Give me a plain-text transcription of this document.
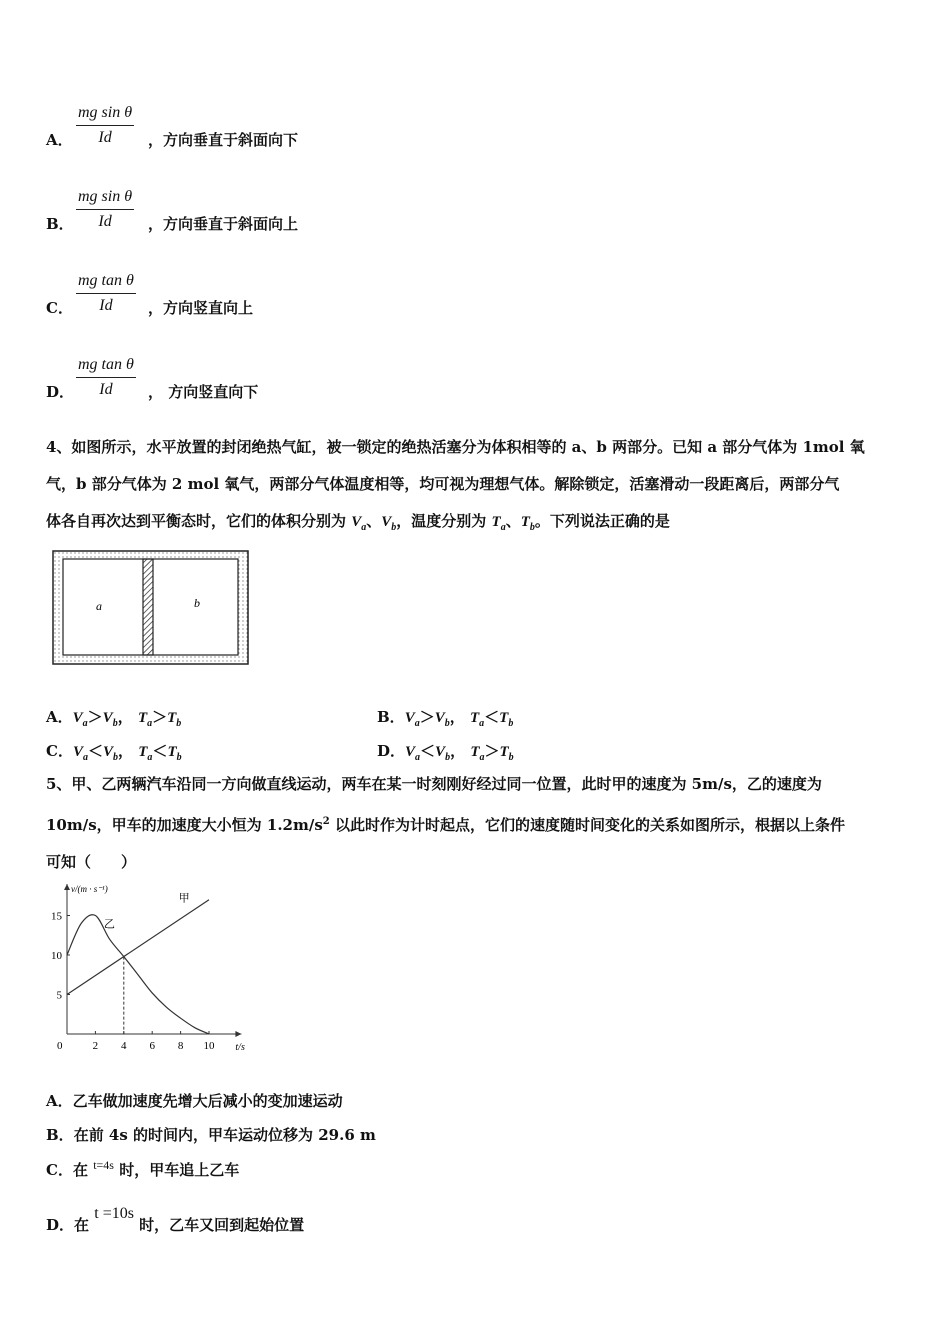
A． $\frac{\text{mg sin θ}}{Id}$ ，方向垂直于斜面向下
B． $\frac{\text{mg sin θ}}{Id}$ ，方向垂直于斜面向上
C． $\frac{\text{mg tan θ}}{Id}$ ，方向竖直向上
D． $\frac{\text{mg tan θ}}{Id}$ ， 方向竖直向下
4、如图所示，水平放置的封闭绝热气缸，被一锁定的绝热活塞分为体积相等的 a、b 两部分。已知 a 部分气体为 1mol 氧
气，b 部分气体为 2 mol 氧气，两部分气体温度相等，均可视为理想气体。解除锁定，活塞滑动一段距离后，两部分气
体各自再次达到平衡态时，它们的体积分别为 $V_a$、$V_b$，温度分别为 $T_a$、$T_b$。下列说法正确的是
a	b
A．$V_a>V_b$， $T_a>T_b$	B．$V_a>V_b$， $T_a<T_b$
C．$V_a<V_b$， $T_a<T_b$	D．$V_a<V_b$， $T_a>T_b$
5、甲、乙两辆汽车沿同一方向做直线运动，两车在某一时刻刚好经过同一位置，此时甲的速度为 5m/s，乙的速度为
10m/s，甲车的加速度大小恒为 $1.2m/s^2$ 以此时作为计时起点，它们的速度随时间变化的关系如图所示，根据以上条件
可知（　　）
2 4 6 8 10
5
10
15
0
v/(m · s⁻¹)
t/s
甲
乙
A．乙车做加速度先增大后减小的变加速运动
B．在前 4s 的时间内，甲车运动位移为 29.6 m
C．在 $^{t=4s}$ 时，甲车追上乙车
D．在 t =10s 时，乙车又回到起始位置
